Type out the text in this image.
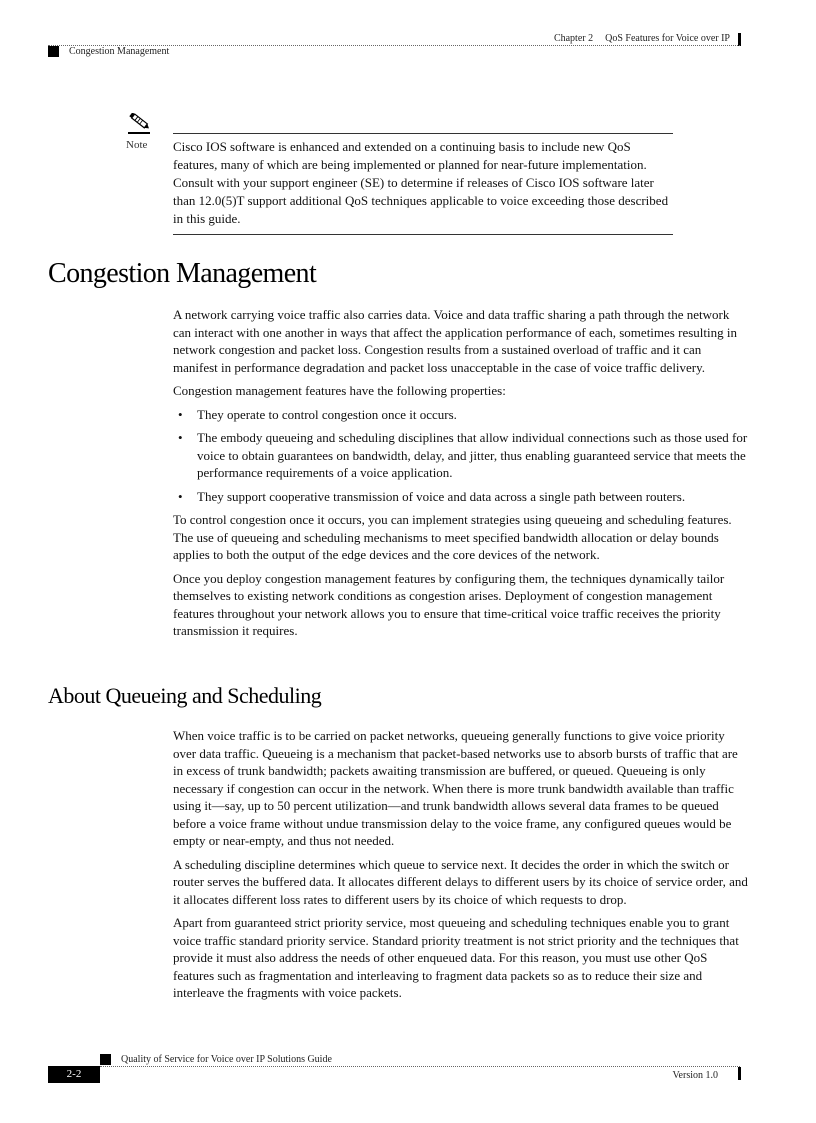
Chapter 2 QoS Features for Voice over IP
Congestion Management
Note Cisco IOS software is enhanced and extended on a continuing basis to include new QoS features, many of which are being implemented or planned for near-future implementation. Consult with your support engineer (SE) to determine if releases of Cisco IOS software later than 12.0(5)T support additional QoS techniques applicable to voice exceeding those described in this guide.
Congestion Management

A network carrying voice traffic also carries data. Voice and data traffic sharing a path through the network can interact with one another in ways that affect the application performance of each, sometimes resulting in network congestion and packet loss. Congestion results from a sustained overload of traffic and it can manifest in performance degradation and packet loss unacceptable in the case of voice traffic delivery.

Congestion management features have the following properties:

• They operate to control congestion once it occurs.
• The embody queueing and scheduling disciplines that allow individual connections such as those used for voice to obtain guarantees on bandwidth, delay, and jitter, thus enabling guaranteed service that meets the performance requirements of a voice application.
• They support cooperative transmission of voice and data across a single path between routers.

To control congestion once it occurs, you can implement strategies using queueing and scheduling features. The use of queueing and scheduling mechanisms to meet specified bandwidth allocation or delay bounds applies to both the output of the edge devices and the core devices of the network.

Once you deploy congestion management features by configuring them, the techniques dynamically tailor themselves to existing network conditions as congestion arises. Deployment of congestion management features throughout your network allows you to ensure that time-critical voice traffic receives the priority transmission it requires.

About Queueing and Scheduling

When voice traffic is to be carried on packet networks, queueing generally functions to give voice priority over data traffic. Queueing is a mechanism that packet-based networks use to absorb bursts of traffic that are in excess of trunk bandwidth; packets awaiting transmission are buffered, or queued. Queueing is only necessary if congestion can occur in the network. When there is more trunk bandwidth available than traffic using it—say, up to 50 percent utilization—and trunk bandwidth allows several data frames to be queued before a voice frame without undue transmission delay to the voice frame, any configured queues would be empty or near-empty, and thus not needed.

A scheduling discipline determines which queue to service next. It decides the order in which the switch or router serves the buffered data. It allocates different delays to different users by its choice of service order, and it allocates different loss rates to different users by its choice of which requests to drop.

Apart from guaranteed strict priority service, most queueing and scheduling techniques enable you to grant voice traffic standard priority service. Standard priority treatment is not strict priority and the techniques that provide it must also address the needs of other enqueued data. For this reason, you must use other QoS features such as fragmentation and interleaving to fragment data packets so as to reduce their size and interleave the fragments with voice packets.

Quality of Service for Voice over IP Solutions Guide
2-2	Version 1.0
